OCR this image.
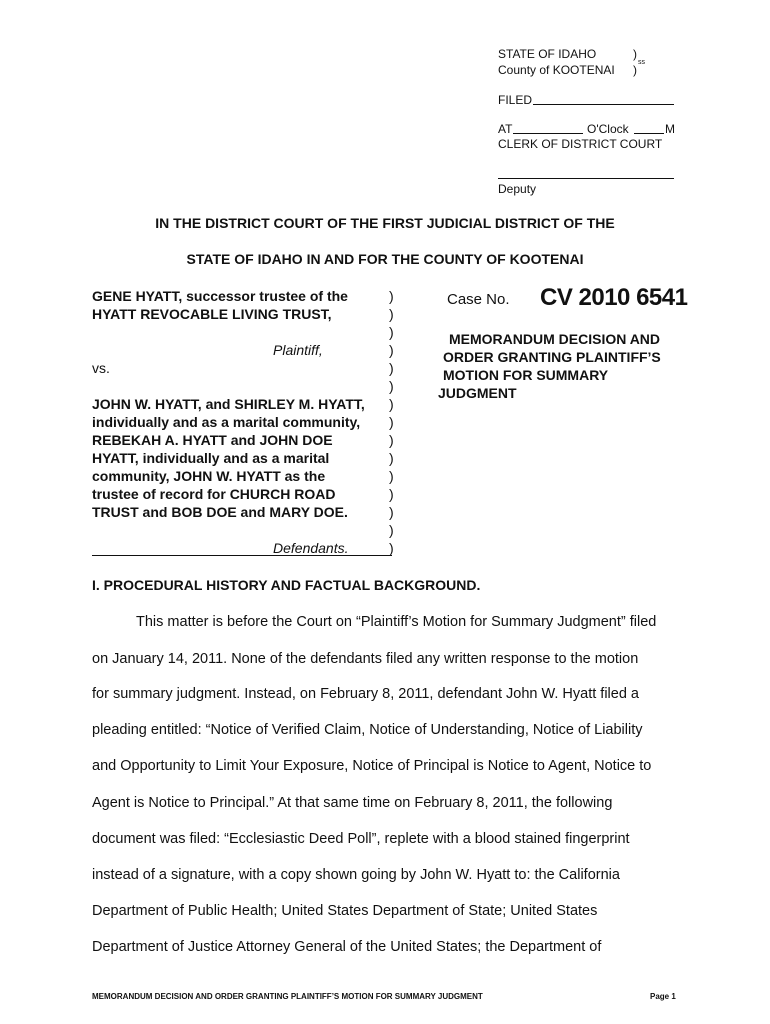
STATE OF IDAHO	)
County of KOOTENAI )
ss
FILED
AT	O'Clock	M
CLERK OF DISTRICT COURT
Deputy
IN THE DISTRICT COURT OF THE FIRST JUDICIAL DISTRICT OF THE
STATE OF IDAHO IN AND FOR THE COUNTY OF KOOTENAI
GENE HYATT, successor trustee of the
HYATT REVOCABLE LIVING TRUST,
Plaintiff,
vs.
JOHN W. HYATT, and SHIRLEY M. HYATT,
individually and as a marital community,
REBEKAH A. HYATT and JOHN DOE
HYATT, individually and as a marital
community, JOHN W. HYATT as the
trustee of record for CHURCH ROAD
TRUST and BOB DOE and MARY DOE.
Defendants.
)
)
)
)
)
)
)
)
)
)
)
)
)
)
)
Case No. CV 2010 6541
MEMORANDUM DECISION AND
ORDER GRANTING PLAINTIFF’S
MOTION FOR SUMMARY
JUDGMENT
I. PROCEDURAL HISTORY AND FACTUAL BACKGROUND.
This matter is before the Court on “Plaintiff’s Motion for Summary Judgment” filed
on January 14, 2011. None of the defendants filed any written response to the motion
for summary judgment. Instead, on February 8, 2011, defendant John W. Hyatt filed a
pleading entitled: “Notice of Verified Claim, Notice of Understanding, Notice of Liability
and Opportunity to Limit Your Exposure, Notice of Principal is Notice to Agent, Notice to
Agent is Notice to Principal.” At that same time on February 8, 2011, the following
document was filed: “Ecclesiastic Deed Poll”, replete with a blood stained fingerprint
instead of a signature, with a copy shown going by John W. Hyatt to: the California
Department of Public Health; United States Department of State; United States
Department of Justice Attorney General of the United States; the Department of
MEMORANDUM DECISION AND ORDER GRANTING PLAINTIFF’S MOTION FOR SUMMARY JUDGMENT	Page 1
